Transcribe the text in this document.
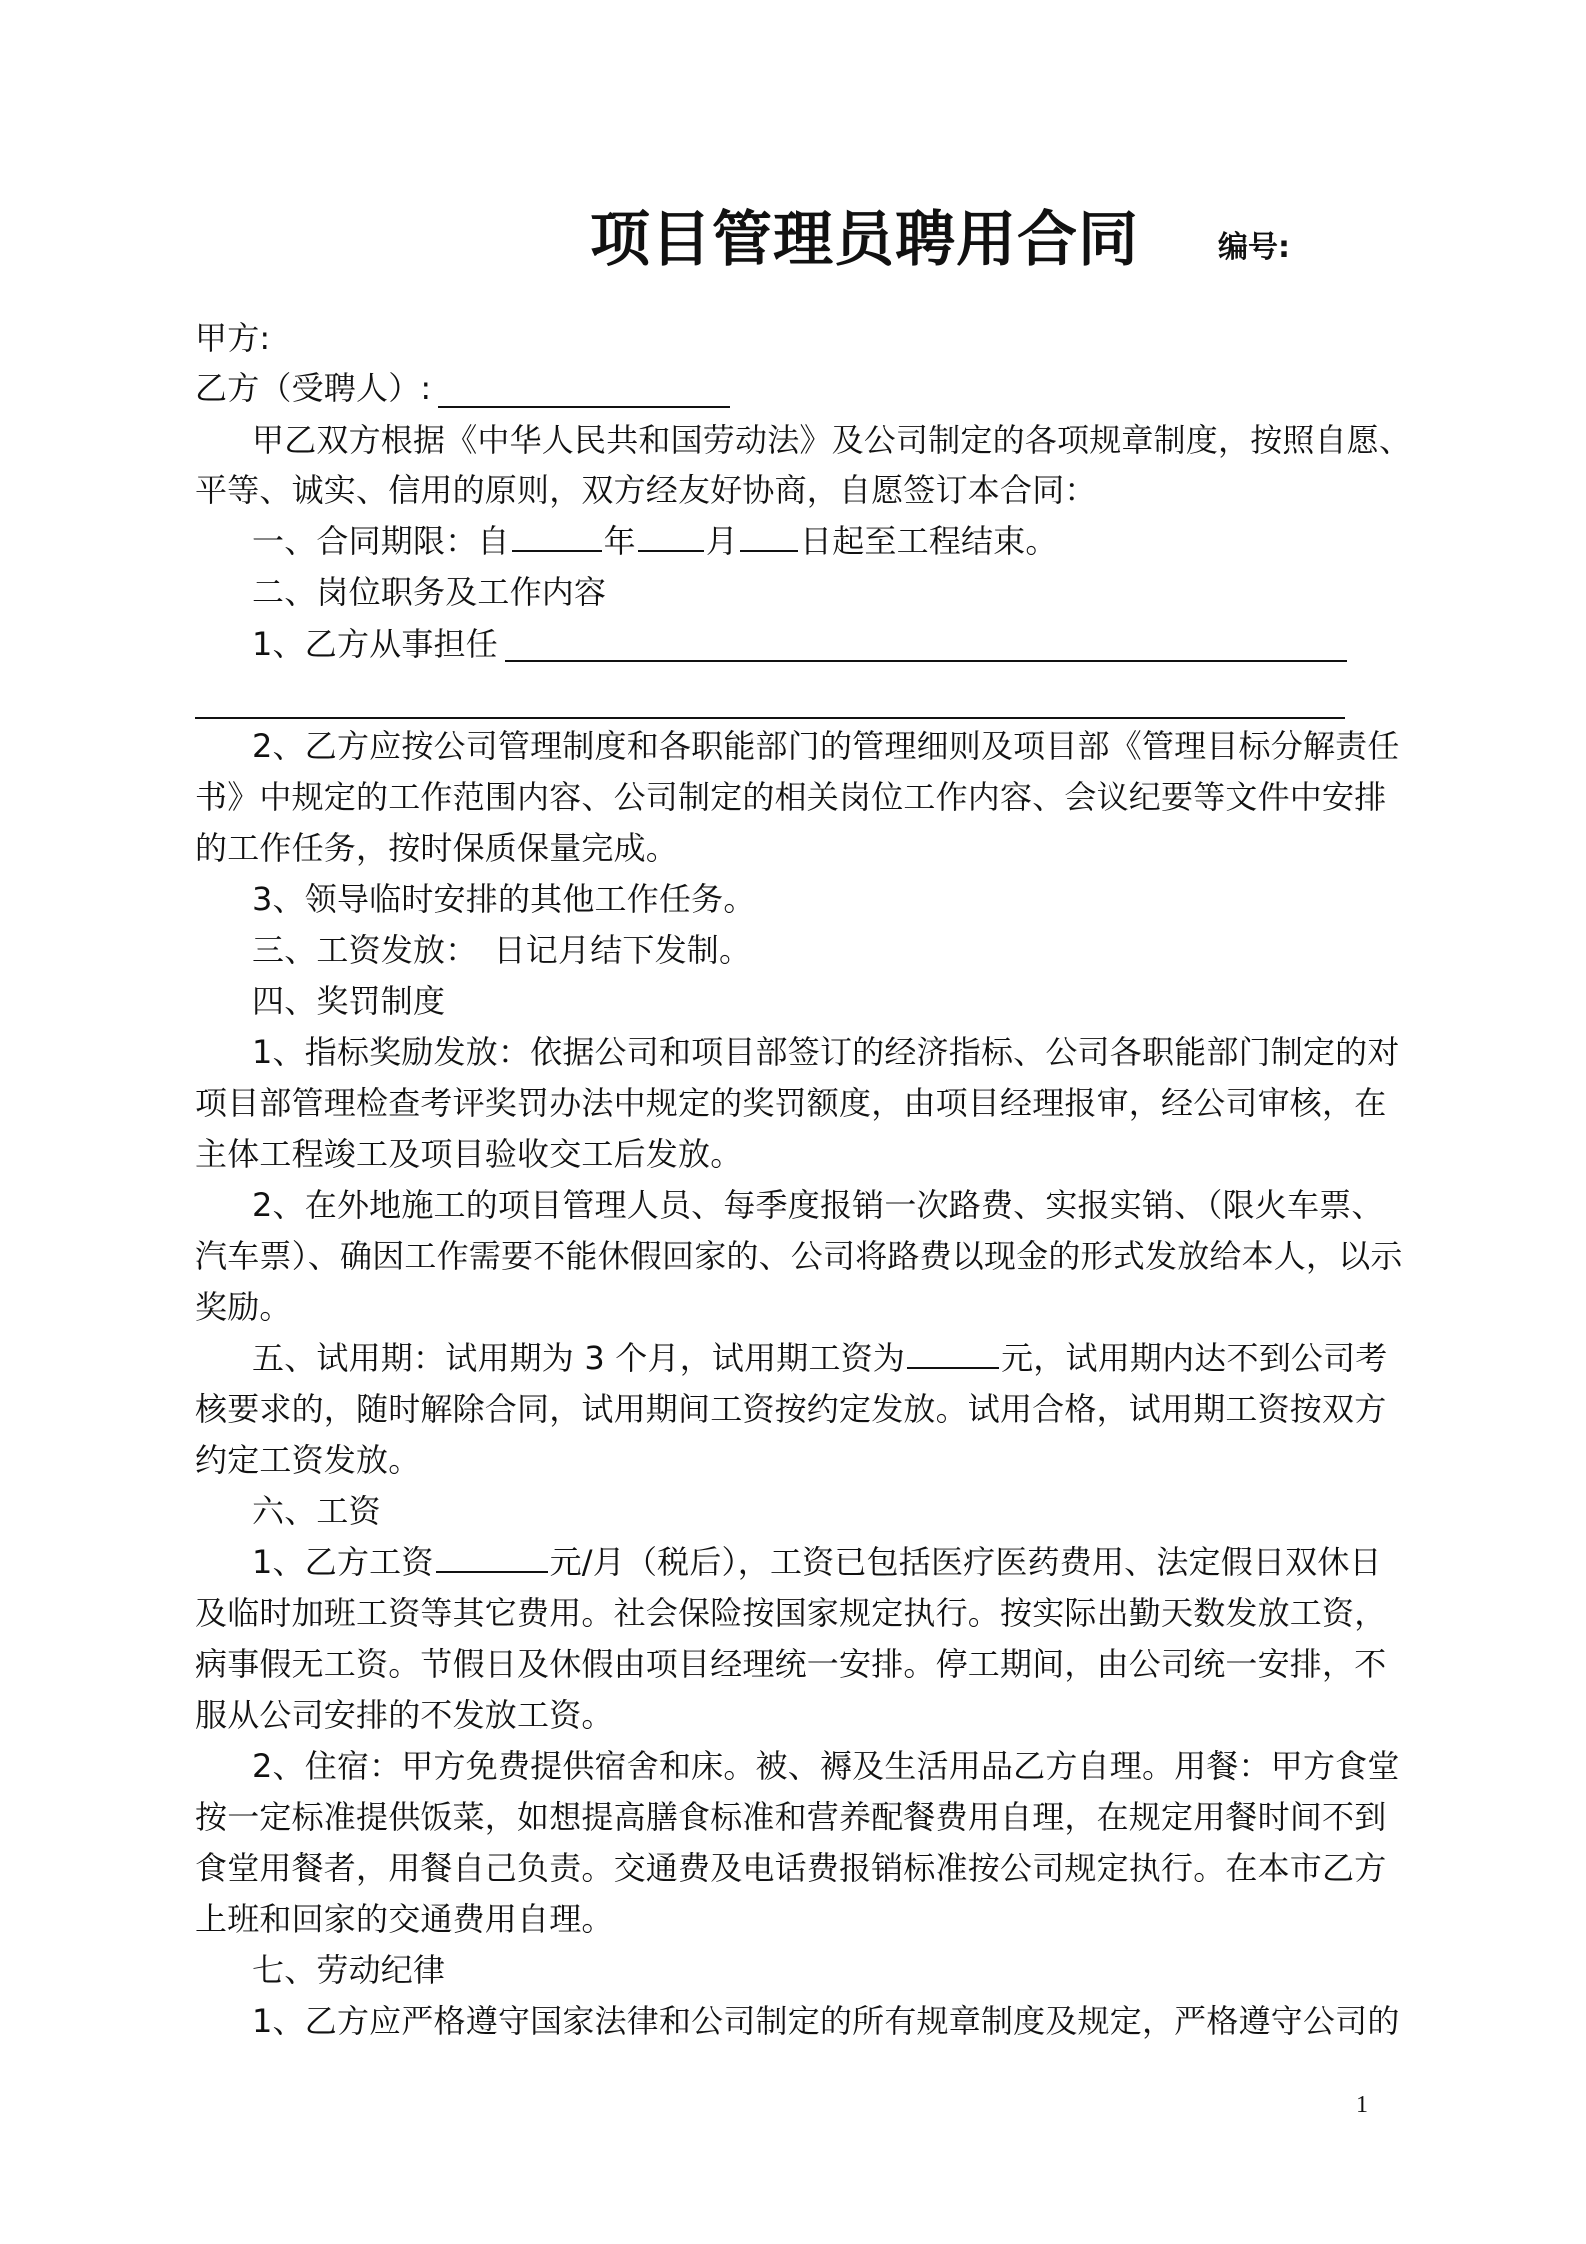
项目管理员聘用合同	编号:
甲方:
乙方（受聘人）:
甲乙双方根据《中华人民共和国劳动法》及公司制定的各项规章制度，按照自愿、
平等、诚实、信用的原则，双方经友好协商，自愿签订本合同：
一、合同期限：自	年 月 日起至工程结束。
二、岗位职务及工作内容
1、乙方从事担任
2、乙方应按公司管理制度和各职能部门的管理细则及项目部《管理目标分解责任
书》中规定的工作范围内容、公司制定的相关岗位工作内容、会议纪要等文件中安排
的工作任务，按时保质保量完成。
3、领导临时安排的其他工作任务。
三、工资发放：　日记月结下发制。
四、奖罚制度
1、指标奖励发放：依据公司和项目部签订的经济指标、公司各职能部门制定的对
项目部管理检查考评奖罚办法中规定的奖罚额度，由项目经理报审，经公司审核，在
主体工程竣工及项目验收交工后发放。
2、在外地施工的项目管理人员、每季度报销一次路费、实报实销、（限火车票、
汽车票）、确因工作需要不能休假回家的、公司将路费以现金的形式发放给本人，以示
奖励。
五、试用期：试用期为 3 个月，试用期工资为	元，试用期内达不到公司考
核要求的，随时解除合同，试用期间工资按约定发放。试用合格，试用期工资按双方
约定工资发放。
六、工资
1、乙方工资	元/月（税后），工资已包括医疗医药费用、法定假日双休日
及临时加班工资等其它费用。社会保险按国家规定执行。按实际出勤天数发放工资，
病事假无工资。节假日及休假由项目经理统一安排。停工期间，由公司统一安排，不
服从公司安排的不发放工资。
2、住宿：甲方免费提供宿舍和床。被、褥及生活用品乙方自理。用餐：甲方食堂
按一定标准提供饭菜，如想提高膳食标准和营养配餐费用自理，在规定用餐时间不到
食堂用餐者，用餐自己负责。交通费及电话费报销标准按公司规定执行。在本市乙方
上班和回家的交通费用自理。
七、劳动纪律
1、乙方应严格遵守国家法律和公司制定的所有规章制度及规定，严格遵守公司的
1
